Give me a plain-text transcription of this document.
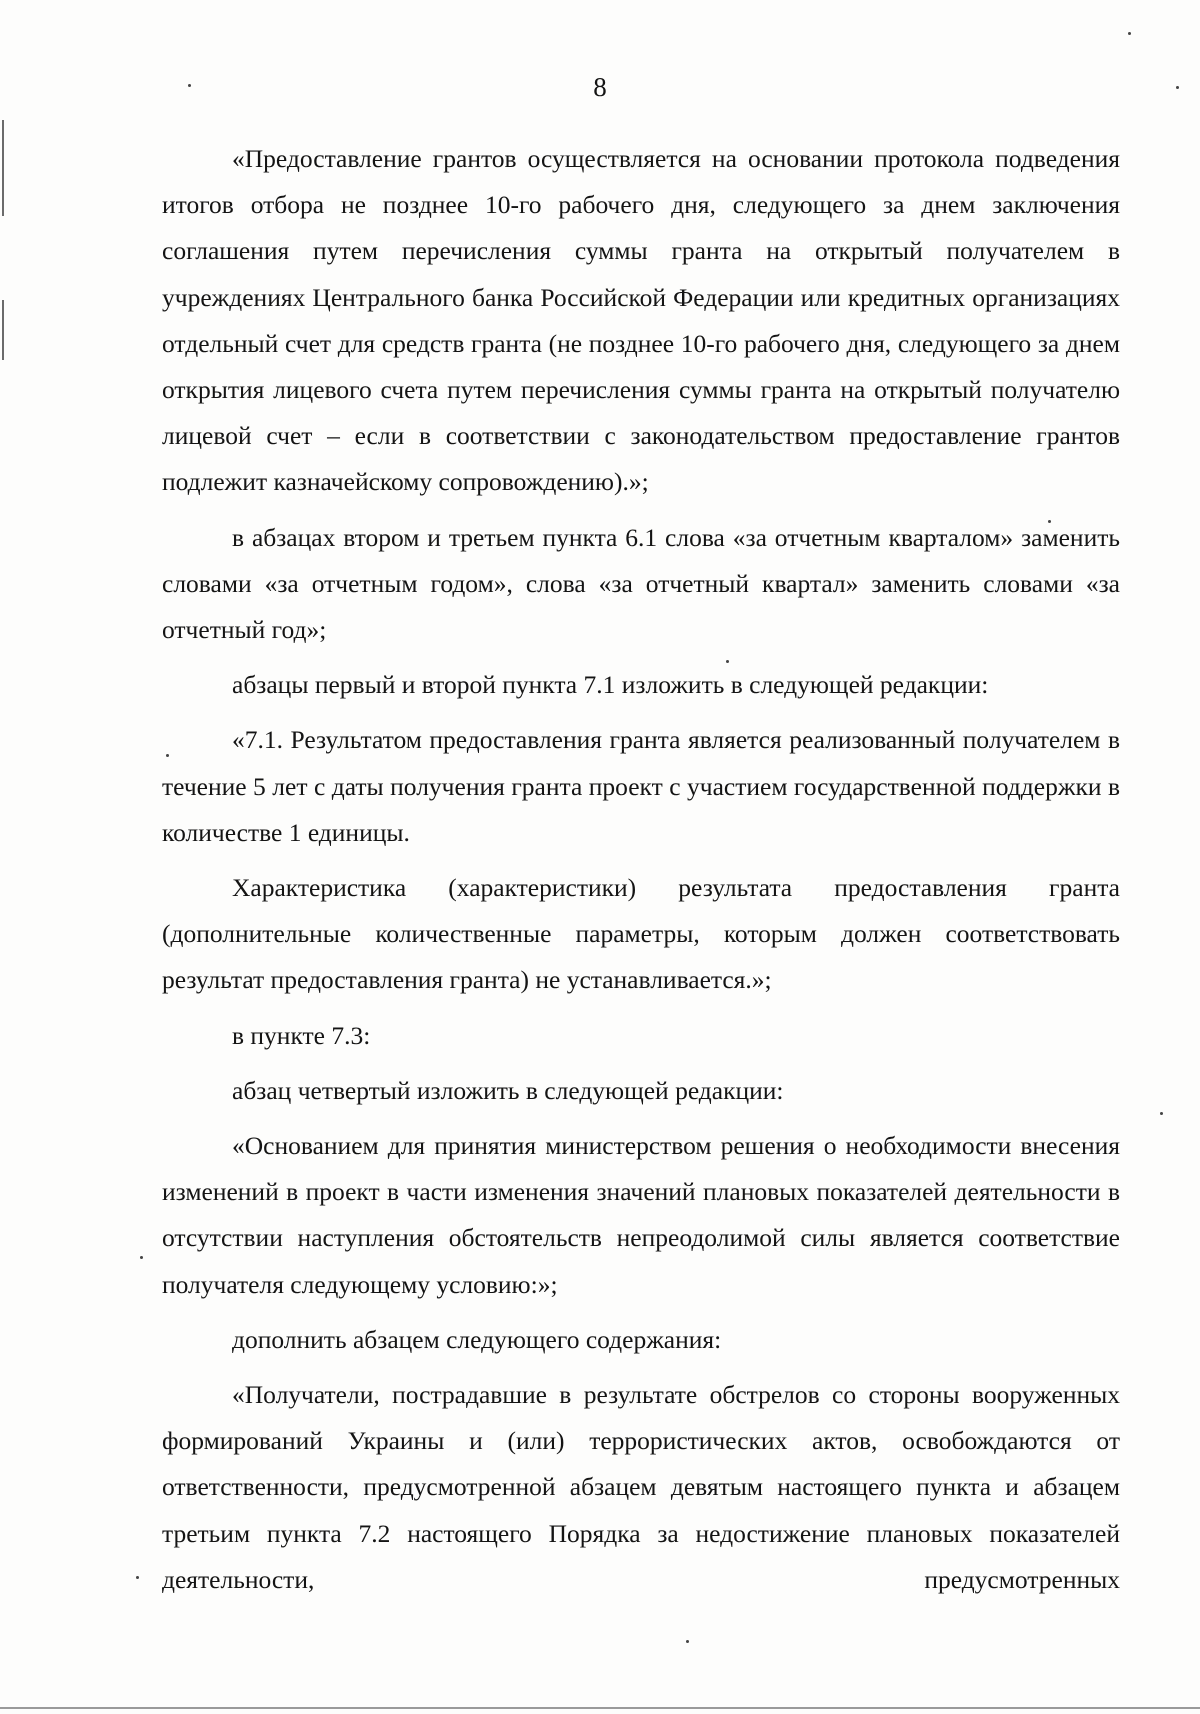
8

«Предоставление грантов осуществляется на основании протокола подведения итогов отбора не позднее 10-го рабочего дня, следующего за днем заключения соглашения путем перечисления суммы гранта на открытый получателем в учреждениях Центрального банка Российской Федерации или кредитных организациях отдельный счет для средств гранта (не позднее 10-го рабочего дня, следующего за днем открытия лицевого счета путем перечисления суммы гранта на открытый получателю лицевой счет – если в соответствии с законодательством предоставление грантов подлежит казначейскому сопровождению).»;

в абзацах втором и третьем пункта 6.1 слова «за отчетным кварталом» заменить словами «за отчетным годом», слова «за отчетный квартал» заменить словами «за отчетный год»;

абзацы первый и второй пункта 7.1 изложить в следующей редакции:

«7.1. Результатом предоставления гранта является реализованный получателем в течение 5 лет с даты получения гранта проект с участием государственной поддержки в количестве 1 единицы.

Характеристика (характеристики) результата предоставления гранта (дополнительные количественные параметры, которым должен соответствовать результат предоставления гранта) не устанавливается.»;

в пункте 7.3:

абзац четвертый изложить в следующей редакции:

«Основанием для принятия министерством решения о необходимости внесения изменений в проект в части изменения значений плановых показателей деятельности в отсутствии наступления обстоятельств непреодолимой силы является соответствие получателя следующему условию:»;

дополнить абзацем следующего содержания:

«Получатели, пострадавшие в результате обстрелов со стороны вооруженных формирований Украины и (или) террористических актов, освобождаются от ответственности, предусмотренной абзацем девятым настоящего пункта и абзацем третьим пункта 7.2 настоящего Порядка за недостижение плановых показателей деятельности, предусмотренных
